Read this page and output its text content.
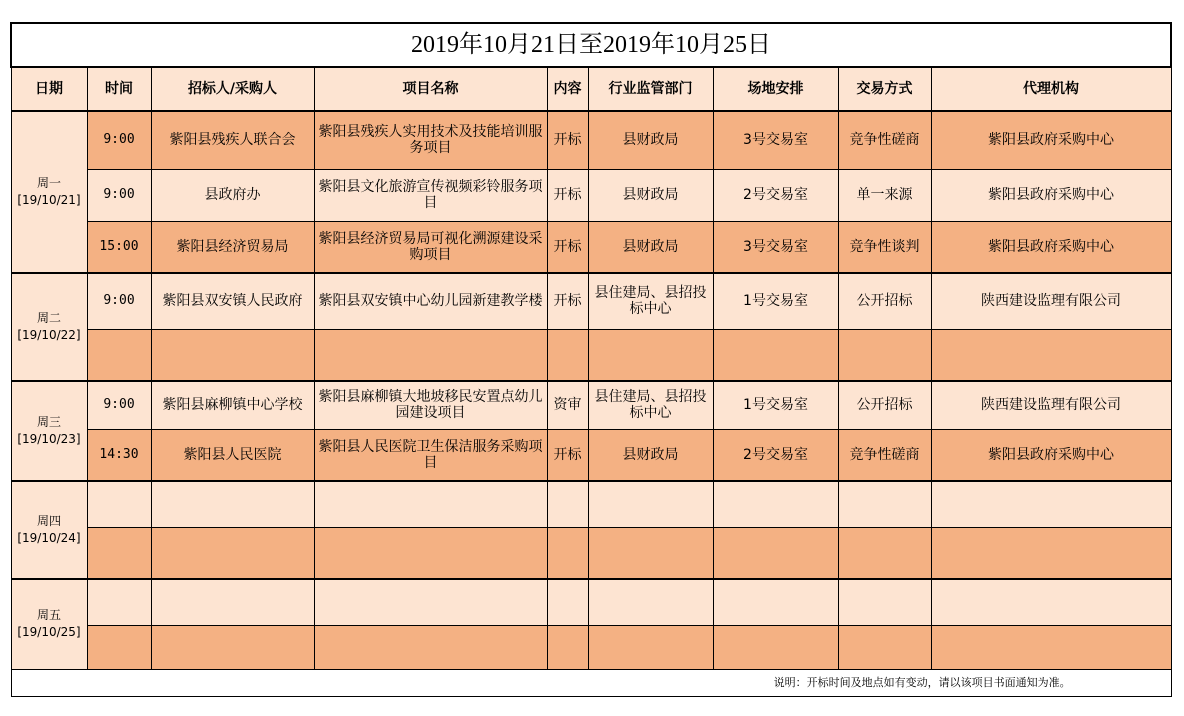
2019年10月21日至2019年10月25日								
日期	时间	招标人/采购人	项目名称	内容	行业监管部门	场地安排	交易方式	代理机构

周一
[19/10/21]	9:00	紫阳县残疾人联合会	紫阳县残疾人实用技术及技能培训服务项目	开标	县财政局	3号交易室	竞争性磋商	紫阳县政府采购中心
	9:00	县政府办	紫阳县文化旅游宣传视频彩铃服务项目	开标	县财政局	2号交易室	单一来源	紫阳县政府采购中心
	15:00	紫阳县经济贸易局	紫阳县经济贸易局可视化溯源建设采购项目	开标	县财政局	3号交易室	竞争性谈判	紫阳县政府采购中心

周二
[19/10/22]	9:00	紫阳县双安镇人民政府	紫阳县双安镇中心幼儿园新建教学楼	开标	县住建局、县招投标中心	1号交易室	公开招标	陕西建设监理有限公司

周三
[19/10/23]	9:00	紫阳县麻柳镇中心学校	紫阳县麻柳镇大地坡移民安置点幼儿园建设项目	资审	县住建局、县招投标中心	1号交易室	公开招标	陕西建设监理有限公司
	14:30	紫阳县人民医院	紫阳县人民医院卫生保洁服务采购项目	开标	县财政局	2号交易室	竞争性磋商	紫阳县政府采购中心

周四
[19/10/24]								

周五
[19/10/25]								

说明：开标时间及地点如有变动，请以该项目书面通知为准。								
